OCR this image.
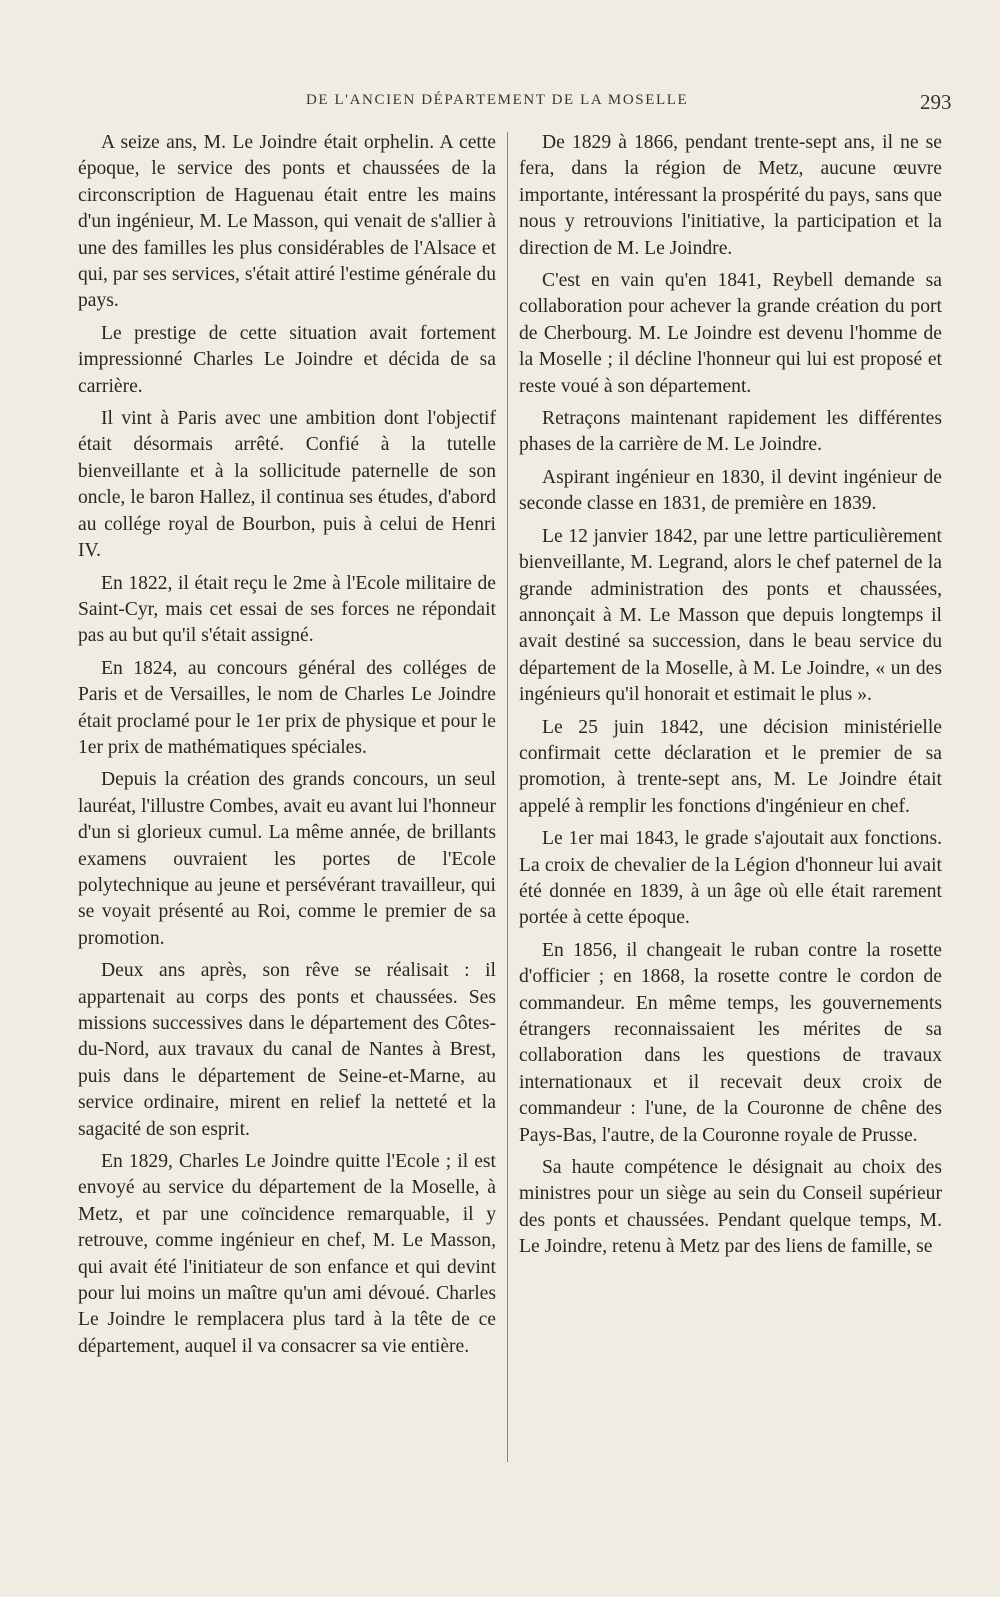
DE L'ANCIEN DÉPARTEMENT DE LA MOSELLE	293

A seize ans, M. Le Joindre était orphelin. A cette époque, le service des ponts et chaussées de la circonscription de Haguenau était entre les mains d'un ingénieur, M. Le Masson, qui venait de s'allier à une des familles les plus considérables de l'Alsace et qui, par ses services, s'était attiré l'estime générale du pays.

Le prestige de cette situation avait fortement impressionné Charles Le Joindre et décida de sa carrière.

Il vint à Paris avec une ambition dont l'objectif était désormais arrêté. Confié à la tutelle bienveillante et à la sollicitude paternelle de son oncle, le baron Hallez, il continua ses études, d'abord au collége royal de Bourbon, puis à celui de Henri IV.

En 1822, il était reçu le 2me à l'Ecole militaire de Saint-Cyr, mais cet essai de ses forces ne répondait pas au but qu'il s'était assigné.

En 1824, au concours général des colléges de Paris et de Versailles, le nom de Charles Le Joindre était proclamé pour le 1er prix de physique et pour le 1er prix de mathématiques spéciales.

Depuis la création des grands concours, un seul lauréat, l'illustre Combes, avait eu avant lui l'honneur d'un si glorieux cumul. La même année, de brillants examens ouvraient les portes de l'Ecole polytechnique au jeune et persévérant travailleur, qui se voyait présenté au Roi, comme le premier de sa promotion.

Deux ans après, son rêve se réalisait : il appartenait au corps des ponts et chaussées. Ses missions successives dans le département des Côtes-du-Nord, aux travaux du canal de Nantes à Brest, puis dans le département de Seine-et-Marne, au service ordinaire, mirent en relief la netteté et la sagacité de son esprit.

En 1829, Charles Le Joindre quitte l'Ecole ; il est envoyé au service du département de la Moselle, à Metz, et par une coïncidence remarquable, il y retrouve, comme ingénieur en chef, M. Le Masson, qui avait été l'initiateur de son enfance et qui devint pour lui moins un maître qu'un ami dévoué. Charles Le Joindre le remplacera plus tard à la tête de ce département, auquel il va consacrer sa vie entière.

De 1829 à 1866, pendant trente-sept ans, il ne se fera, dans la région de Metz, aucune œuvre importante, intéressant la prospérité du pays, sans que nous y retrouvions l'initiative, la participation et la direction de M. Le Joindre.

C'est en vain qu'en 1841, Reybell demande sa collaboration pour achever la grande création du port de Cherbourg. M. Le Joindre est devenu l'homme de la Moselle ; il décline l'honneur qui lui est proposé et reste voué à son département.

Retraçons maintenant rapidement les différentes phases de la carrière de M. Le Joindre.

Aspirant ingénieur en 1830, il devint ingénieur de seconde classe en 1831, de première en 1839.

Le 12 janvier 1842, par une lettre particulièrement bienveillante, M. Legrand, alors le chef paternel de la grande administration des ponts et chaussées, annonçait à M. Le Masson que depuis longtemps il avait destiné sa succession, dans le beau service du département de la Moselle, à M. Le Joindre, « un des ingénieurs qu'il honorait et estimait le plus ».

Le 25 juin 1842, une décision ministérielle confirmait cette déclaration et le premier de sa promotion, à trente-sept ans, M. Le Joindre était appelé à remplir les fonctions d'ingénieur en chef.

Le 1er mai 1843, le grade s'ajoutait aux fonctions. La croix de chevalier de la Légion d'honneur lui avait été donnée en 1839, à un âge où elle était rarement portée à cette époque.

En 1856, il changeait le ruban contre la rosette d'officier ; en 1868, la rosette contre le cordon de commandeur. En même temps, les gouvernements étrangers reconnaissaient les mérites de sa collaboration dans les questions de travaux internationaux et il recevait deux croix de commandeur : l'une, de la Couronne de chêne des Pays-Bas, l'autre, de la Couronne royale de Prusse.

Sa haute compétence le désignait au choix des ministres pour un siège au sein du Conseil supérieur des ponts et chaussées. Pendant quelque temps, M. Le Joindre, retenu à Metz par des liens de famille, se
